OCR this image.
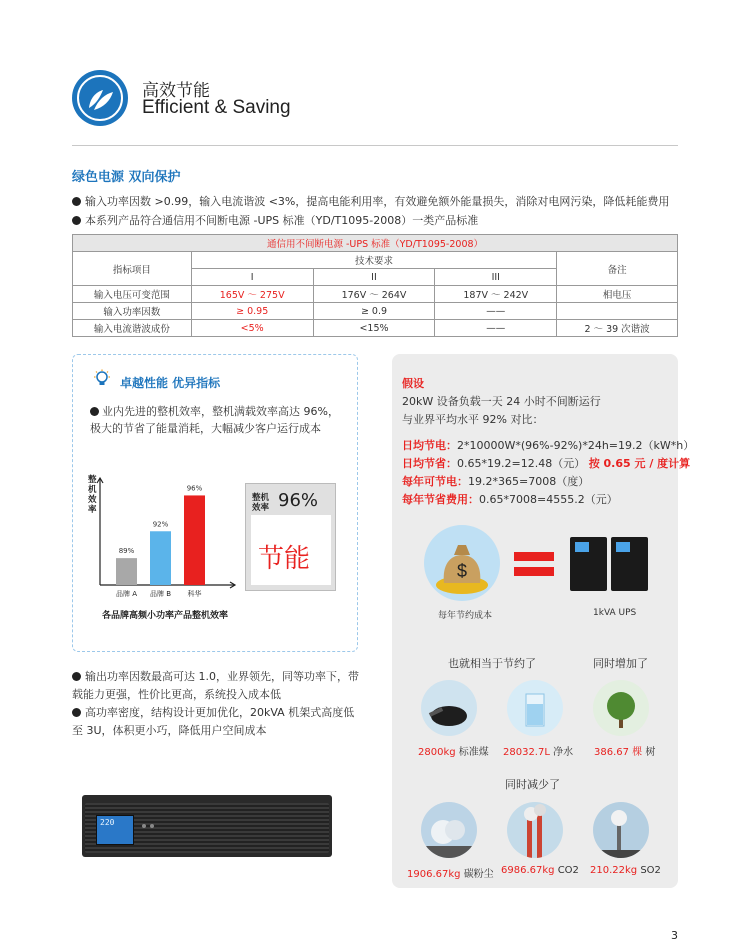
高效节能
Efficient & Saving
绿色电源 双向保护
输入功率因数 >0.99，输入电流谐波 <3%，提高电能利用率，有效避免额外能量损失，消除对电网污染，降低耗能费用
本系列产品符合通信用不间断电源 -UPS 标准（YD/T1095-2008）一类产品标准
通信用不间断电源 -UPS 标准（YD/T1095-2008）				
指标项目	技术要求			备注
	I	II	III	
输入电压可变范围	165V ～ 275V	176V ～ 264V	187V ～ 242V	相电压
输入功率因数	≥ 0.95	≥ 0.9	——	
输入电流谐波成份	<5%	<15%	——	2 ～ 39 次谐波
卓越性能 优异指标
业内先进的整机效率，整机满载效率高达 96%，
极大的节省了能量消耗，大幅减少客户运行成本
整机效率
89%
品牌 A
92%
品牌 B
96%
科华
各品牌高频小功率产品整机效率
整机
效率 96%
节能
输出功率因数最高可达 1.0，业界领先，同等功率下，带
载能力更强，性价比更高，系统投入成本低
高功率密度，结构设计更加优化，20kVA 机架式高度低
至 3U，体积更小巧，降低用户空间成本
220
假设
20kW 设备负载一天 24 小时不间断运行
与业界平均水平 92% 对比：
日均节电：2*10000W*(96%-92%)*24h=19.2（kW*h）
日均节省：0.65*19.2=12.48（元） 按 0.65 元 / 度计算
每年可节电：19.2*365=7008（度）
每年节省费用：0.65*7008=4555.2（元）
$
每年节约成本	1kVA UPS
也就相当于节约了	同时增加了
2800kg 标准煤 28032.7L 净水 386.67 棵 树
同时减少了
1906.67kg 碳粉尘 6986.67kg CO2 210.22kg SO2
3
